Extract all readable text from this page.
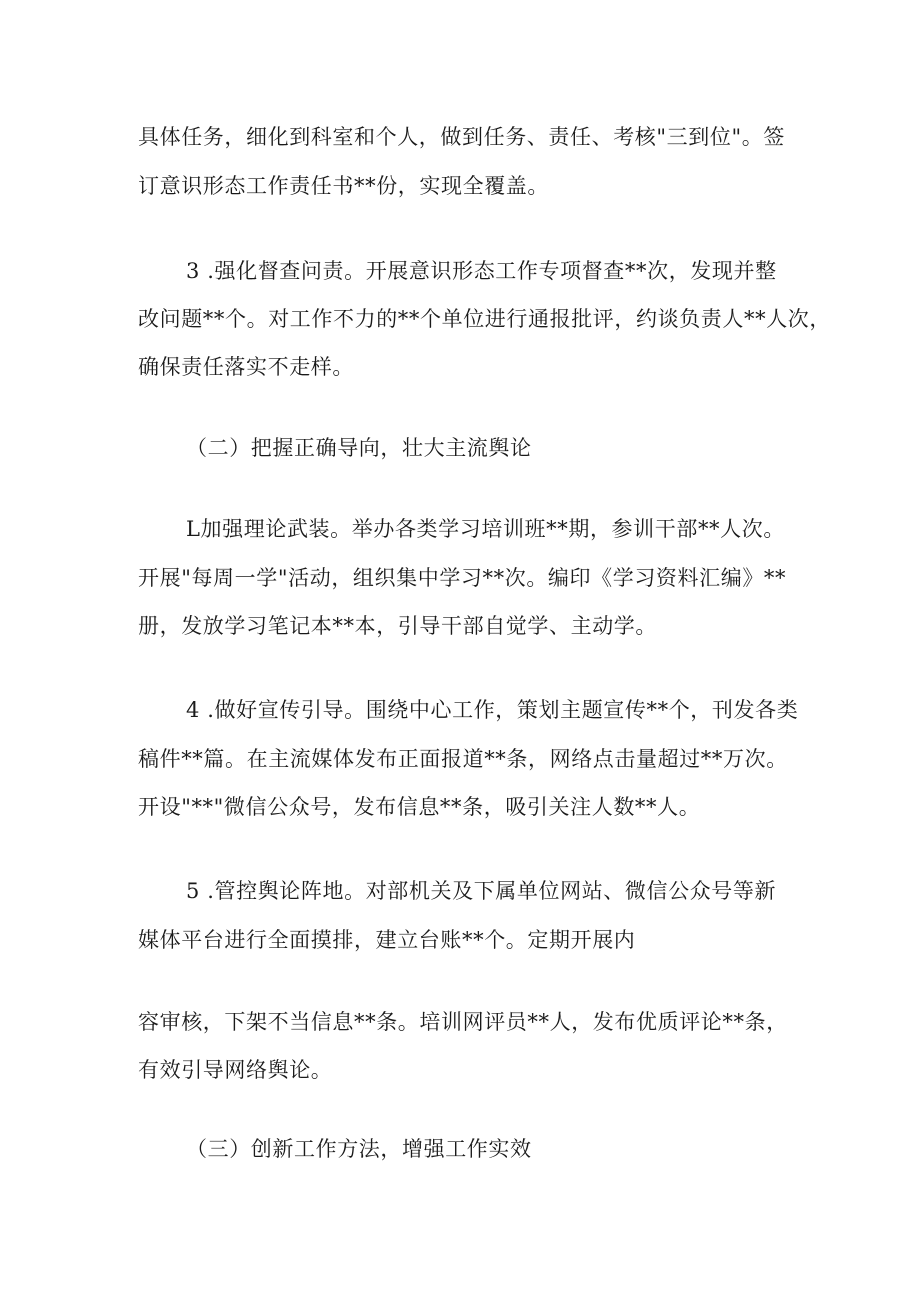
具体任务，细化到科室和个人，做到任务、责任、考核"三到位"。签
订意识形态工作责任书**份，实现全覆盖。
3 .强化督查问责。开展意识形态工作专项督查**次，发现并整
改问题**个。对工作不力的**个单位进行通报批评，约谈负责人**人次，
确保责任落实不走样。
（二）把握正确导向，壮大主流舆论
L加强理论武装。举办各类学习培训班**期，参训干部**人次。
开展"每周一学"活动，组织集中学习**次。编印《学习资料汇编》**
册，发放学习笔记本**本，引导干部自觉学、主动学。
4 .做好宣传引导。围绕中心工作，策划主题宣传**个，刊发各类
稿件**篇。在主流媒体发布正面报道**条，网络点击量超过**万次。
开设"**"微信公众号，发布信息**条，吸引关注人数**人。
5 .管控舆论阵地。对部机关及下属单位网站、微信公众号等新
媒体平台进行全面摸排，建立台账**个。定期开展内
容审核，下架不当信息**条。培训网评员**人，发布优质评论**条，
有效引导网络舆论。
（三）创新工作方法，增强工作实效
